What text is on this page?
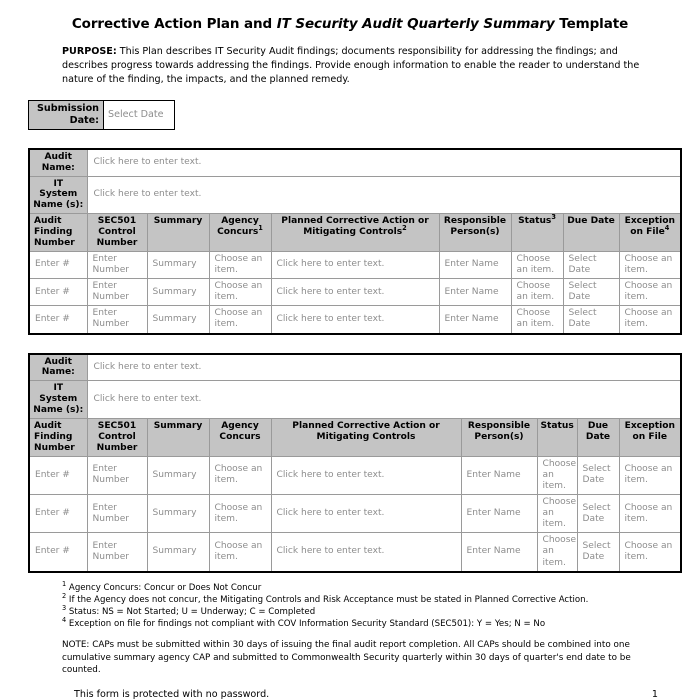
Corrective Action Plan and IT Security Audit Quarterly Summary Template
PURPOSE: This Plan describes IT Security Audit findings; documents responsibility for addressing the findings; and describes progress towards addressing the findings. Provide enough information to enable the reader to understand the nature of the finding, the impacts, and the planned remedy.
Submission Date:	Select Date
Audit Name:	Click here to enter text.							
IT System Name (s):	Click here to enter text.							
Audit Finding Number	SEC501 Control Number	Summary	Agency Concurs$^1$	Planned Corrective Action or Mitigating Controls$^2$	Responsible Person(s)	Status$^3$	Due Date	Exception on File$^4$
Enter #	Enter Number	Summary	Choose an item.	Click here to enter text.	Enter Name	Choose an item.	Select Date	Choose an item.
Enter #	Enter Number	Summary	Choose an item.	Click here to enter text.	Enter Name	Choose an item.	Select Date	Choose an item.
Enter #	Enter Number	Summary	Choose an item.	Click here to enter text.	Enter Name	Choose an item.	Select Date	Choose an item.
Audit Name:	Click here to enter text.							
IT System Name (s):	Click here to enter text.							
Audit Finding Number	SEC501 Control Number	Summary	Agency Concurs	Planned Corrective Action or Mitigating Controls	Responsible Person(s)	Status	Due Date	Exception on File
Enter #	Enter Number	Summary	Choose an item.	Click here to enter text.	Enter Name	Choose an item.	Select Date	Choose an item.
Enter #	Enter Number	Summary	Choose an item.	Click here to enter text.	Enter Name	Choose an item.	Select Date	Choose an item.
Enter #	Enter Number	Summary	Choose an item.	Click here to enter text.	Enter Name	Choose an item.	Select Date	Choose an item.
$^1$ Agency Concurs: Concur or Does Not Concur
$^2$ If the Agency does not concur, the Mitigating Controls and Risk Acceptance must be stated in Planned Corrective Action.
$^3$ Status: NS = Not Started; U = Underway; C = Completed
$^4$ Exception on file for findings not compliant with COV Information Security Standard (SEC501): Y = Yes; N = No
NOTE: CAPs must be submitted within 30 days of issuing the final audit report completion. All CAPs should be combined into one cumulative summary agency CAP and submitted to Commonwealth Security quarterly within 30 days of quarter's end date to be counted.
This form is protected with no password.	1
